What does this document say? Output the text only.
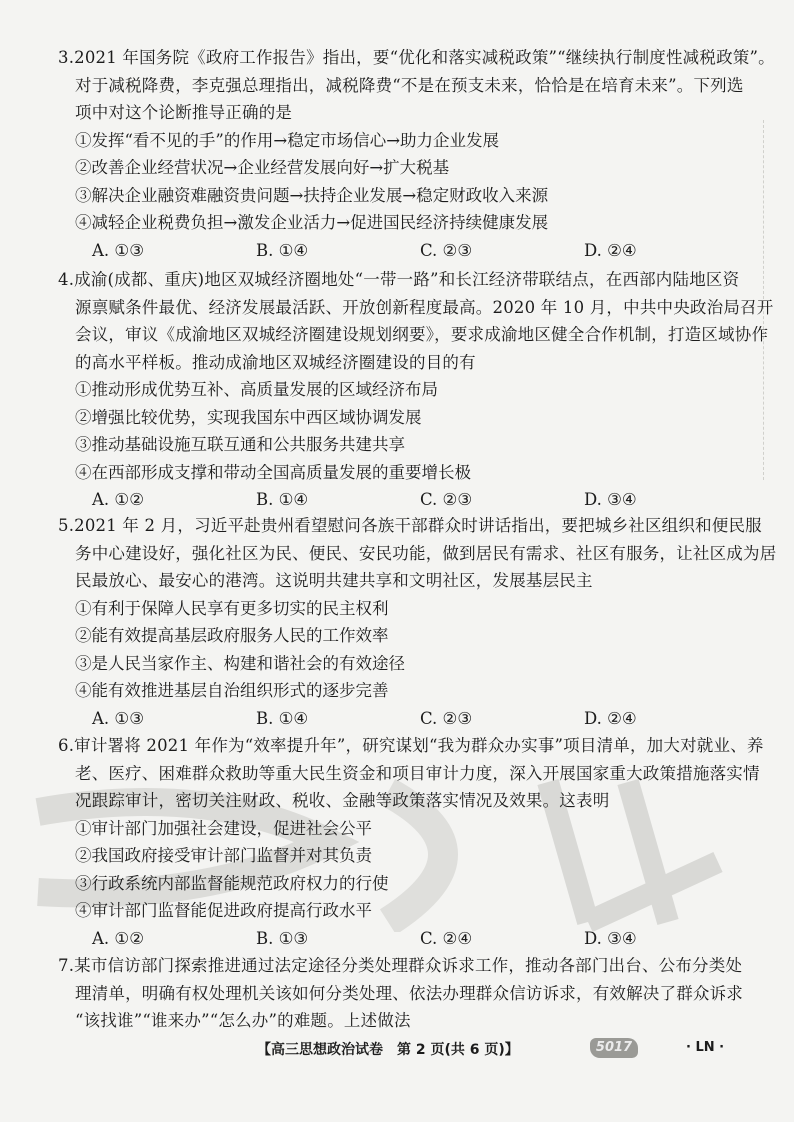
3.2021 年国务院《政府工作报告》指出，要“优化和落实减税政策”“继续执行制度性减税政策”。
对于减税降费，李克强总理指出，减税降费“不是在预支未来，恰恰是在培育未来”。下列选
项中对这个论断推导正确的是
①发挥“看不见的手”的作用→稳定市场信心→助力企业发展
②改善企业经营状况→企业经营发展向好→扩大税基
③解决企业融资难融资贵问题→扶持企业发展→稳定财政收入来源
④减轻企业税费负担→激发企业活力→促进国民经济持续健康发展
A. ①③	B. ①④	C. ②③	D. ②④
4.成渝(成都、重庆)地区双城经济圈地处“一带一路”和长江经济带联结点，在西部内陆地区资
源禀赋条件最优、经济发展最活跃、开放创新程度最高。2020 年 10 月，中共中央政治局召开
会议，审议《成渝地区双城经济圈建设规划纲要》，要求成渝地区健全合作机制，打造区域协作
的高水平样板。推动成渝地区双城经济圈建设的目的有
①推动形成优势互补、高质量发展的区域经济布局
②增强比较优势，实现我国东中西区域协调发展
③推动基础设施互联互通和公共服务共建共享
④在西部形成支撑和带动全国高质量发展的重要增长极
A. ①②	B. ①④	C. ②③	D. ③④
5.2021 年 2 月，习近平赴贵州看望慰问各族干部群众时讲话指出，要把城乡社区组织和便民服
务中心建设好，强化社区为民、便民、安民功能，做到居民有需求、社区有服务，让社区成为居
民最放心、最安心的港湾。这说明共建共享和文明社区，发展基层民主
①有利于保障人民享有更多切实的民主权利
②能有效提高基层政府服务人民的工作效率
③是人民当家作主、构建和谐社会的有效途径
④能有效推进基层自治组织形式的逐步完善
A. ①③	B. ①④	C. ②③	D. ②④
6.审计署将 2021 年作为“效率提升年”，研究谋划“我为群众办实事”项目清单，加大对就业、养
老、医疗、困难群众救助等重大民生资金和项目审计力度，深入开展国家重大政策措施落实情
况跟踪审计，密切关注财政、税收、金融等政策落实情况及效果。这表明
①审计部门加强社会建设，促进社会公平
②我国政府接受审计部门监督并对其负责
③行政系统内部监督能规范政府权力的行使
④审计部门监督能促进政府提高行政水平
A. ①②	B. ①③	C. ②④	D. ③④
7.某市信访部门探索推进通过法定途径分类处理群众诉求工作，推动各部门出台、公布分类处
理清单，明确有权处理机关该如何分类处理、依法办理群众信访诉求，有效解决了群众诉求
“该找谁”“谁来办”“怎么办”的难题。上述做法
【高三思想政治试卷　第 2 页(共 6 页)】	5017	· LN ·
